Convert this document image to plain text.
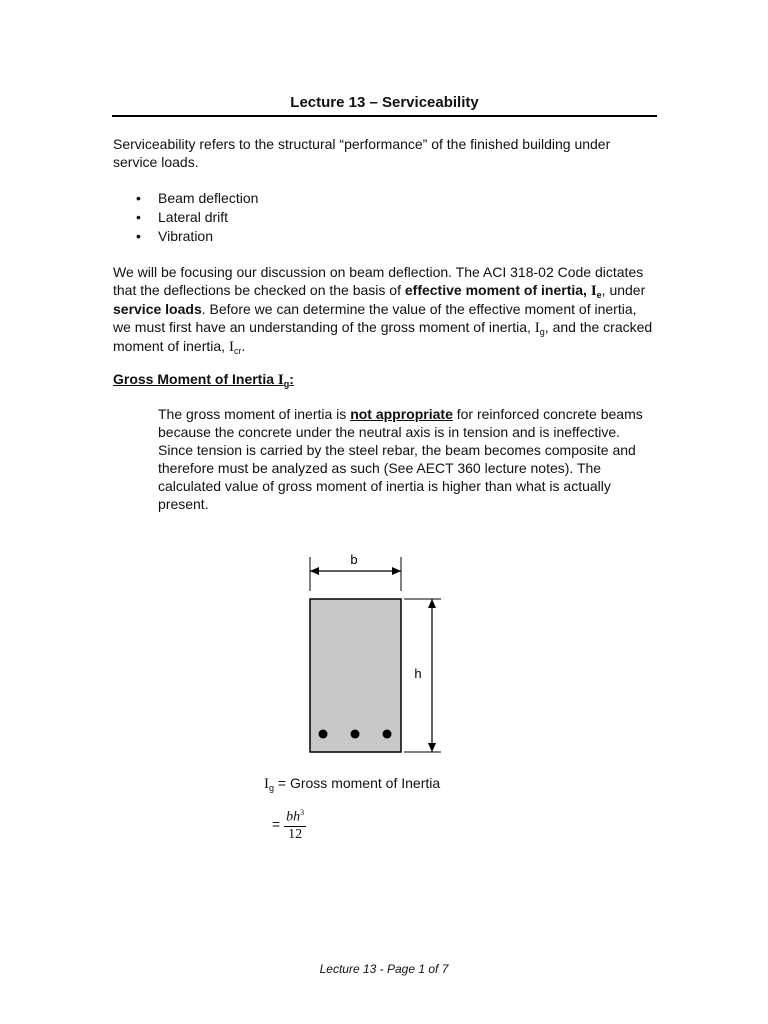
Lecture 13 – Serviceability
Serviceability refers to the structural “performance” of the finished building under service loads.
• Beam deflection
• Lateral drift
• Vibration
We will be focusing our discussion on beam deflection. The ACI 318-02 Code dictates that the deflections be checked on the basis of effective moment of inertia, $I_e$, under service loads. Before we can determine the value of the effective moment of inertia, we must first have an understanding of the gross moment of inertia, $I_g$, and the cracked moment of inertia, $I_{cr}$.
Gross Moment of Inertia $I_g$:
The gross moment of inertia is not appropriate for reinforced concrete beams because the concrete under the neutral axis is in tension and is ineffective. Since tension is carried by the steel rebar, the beam becomes composite and therefore must be analyzed as such (See AECT 360 lecture notes). The calculated value of gross moment of inertia is higher than what is actually present.
b
h
$I_g$ = Gross moment of Inertia
= $\frac{bh^3}{12}$
Lecture 13 - Page 1 of 7
